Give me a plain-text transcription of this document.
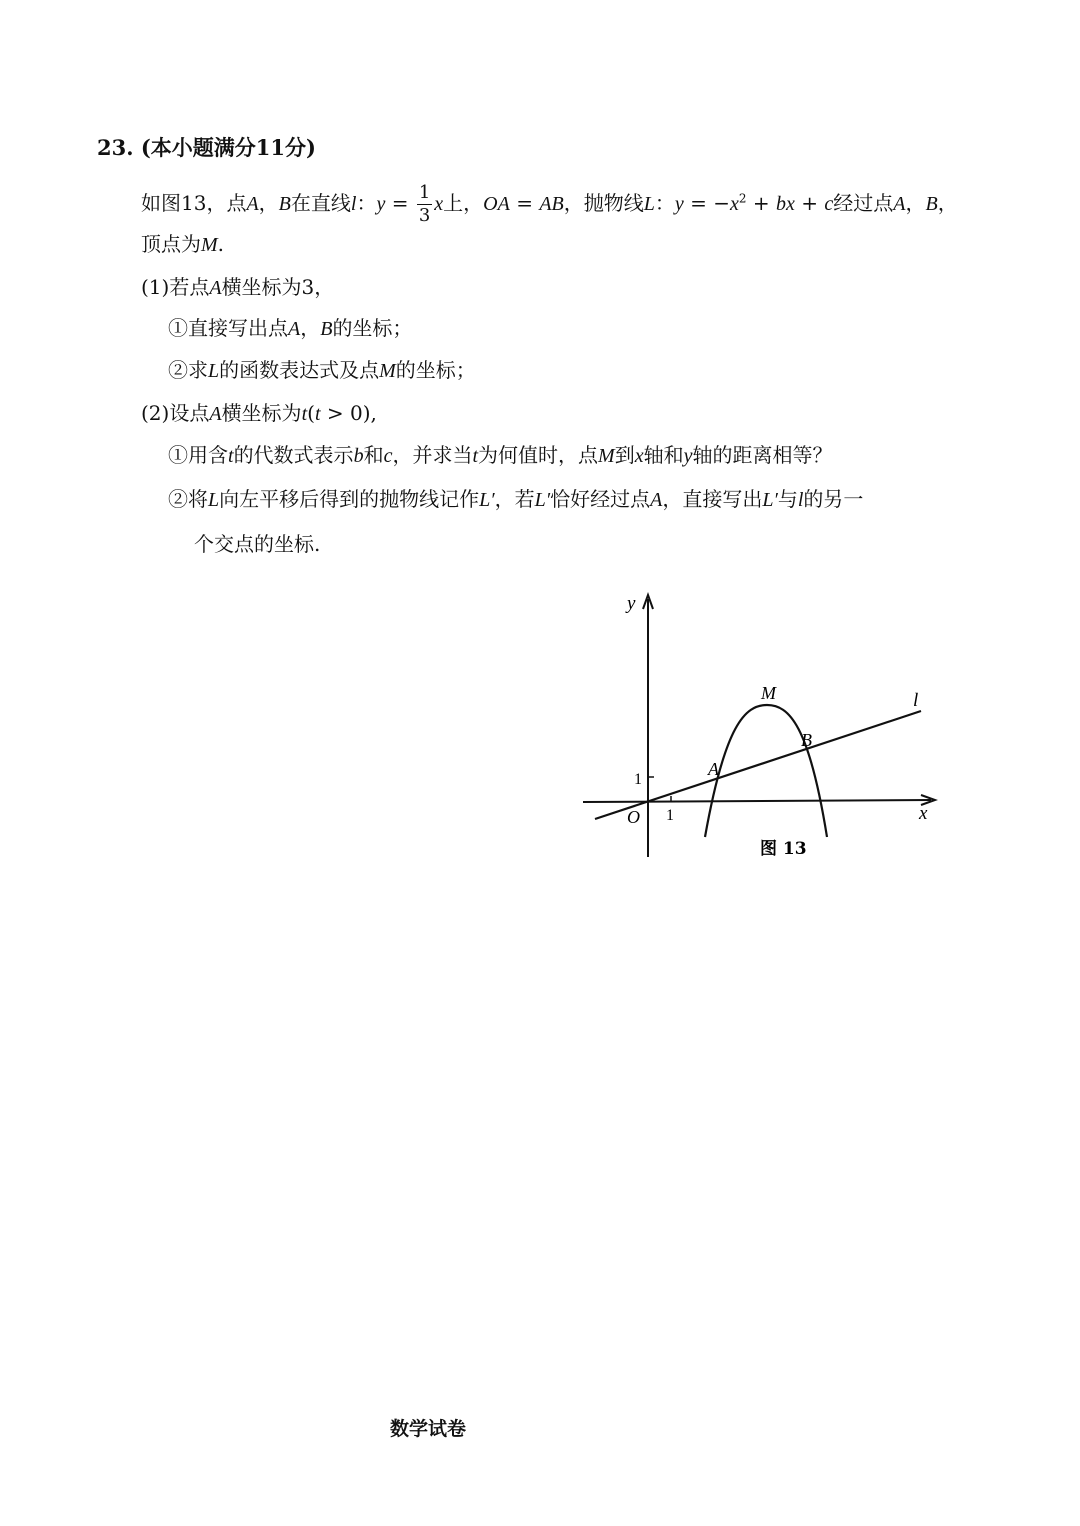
23. (本小题满分11分)
如图13，点A，B在直线l：$y = \frac{1}{3}$ x上，OA = AB，抛物线L：$y = -x^2$ + bx + c经过点A，B，
顶点为M.
(1)若点A横坐标为3，
①直接写出点A，B的坐标；
②求L的函数表达式及点M的坐标；
(2)设点A横坐标为t(t > 0),
①用含t的代数式表示b和c，并求当t为何值时，点M到x轴和y轴的距离相等？
②将L向左平移后得到的抛物线记作L′，若L′恰好经过点A，直接写出L′与l的另一
个交点的坐标.
y
x
O 1
1
A
B
M	l
图 13
数学试卷
